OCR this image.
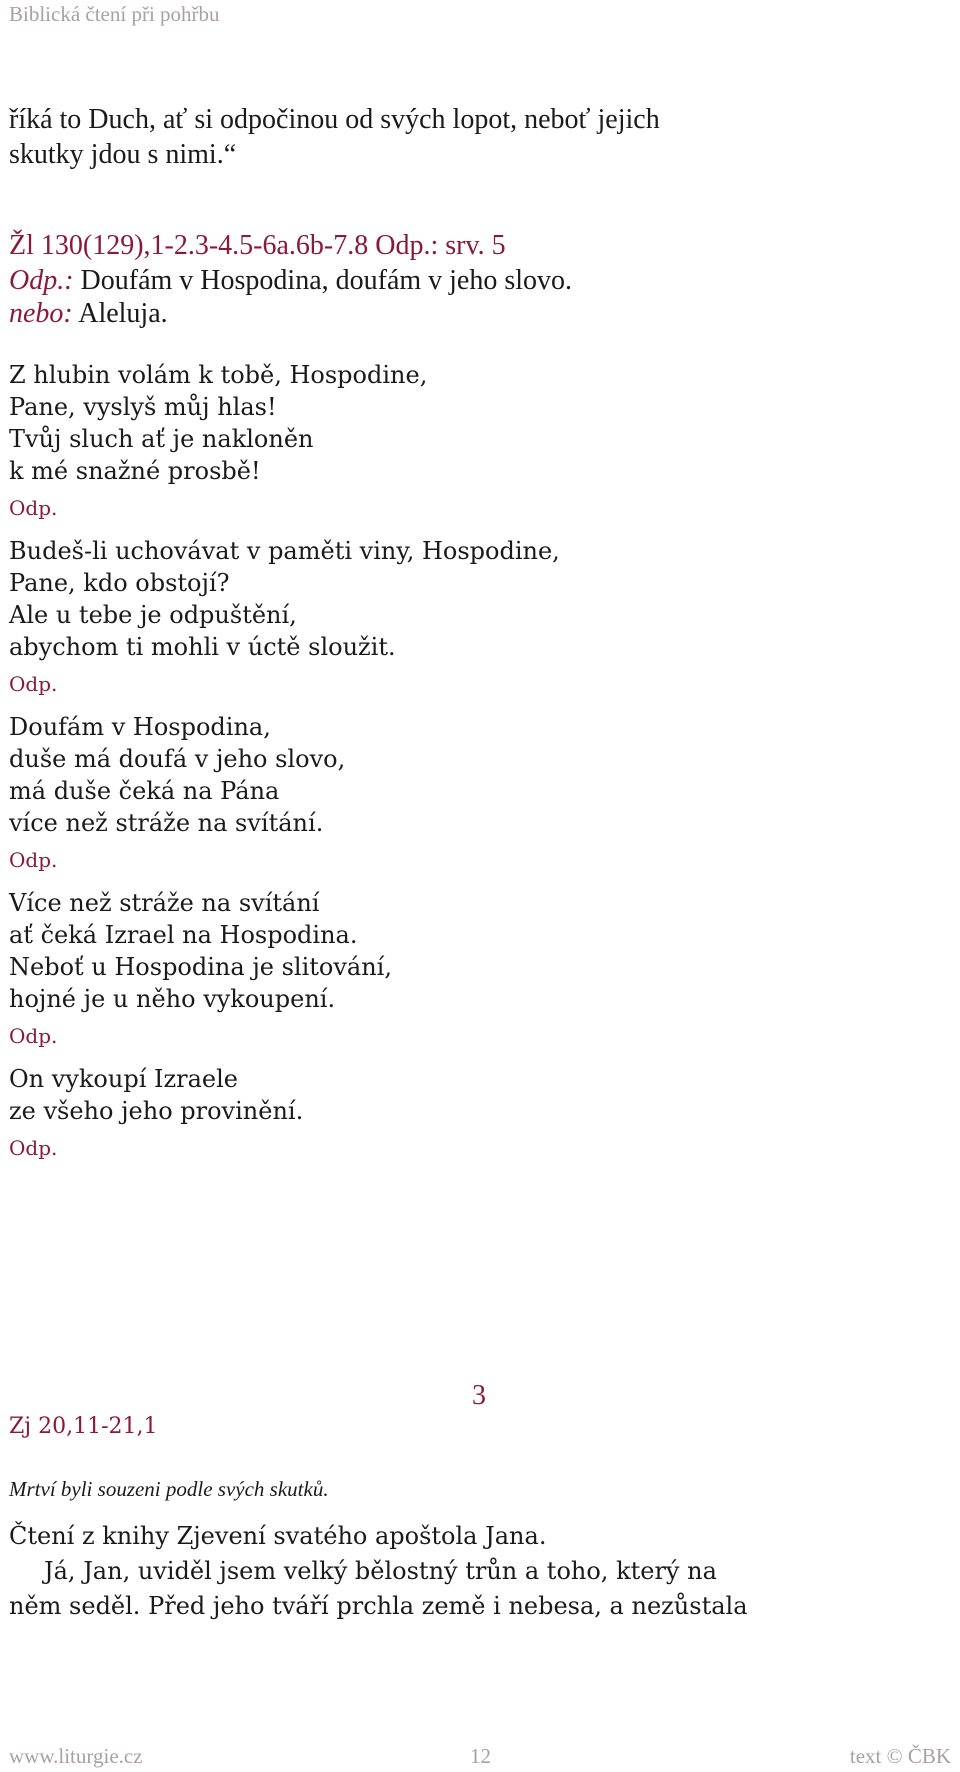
Biblická čtení při pohřbu
říká to Duch, ať si odpočinou od svých lopot, neboť jejich
skutky jdou s nimi.“
Žl 130(129),1-2.3-4.5-6a.6b-7.8 Odp.: srv. 5
Odp.: Doufám v Hospodina, doufám v jeho slovo.
nebo: Aleluja.
Z hlubin volám k tobě, Hospodine,
Pane, vyslyš můj hlas!
Tvůj sluch ať je nakloněn
k mé snažné prosbě!
Odp.
Budeš-li uchovávat v paměti viny, Hospodine,
Pane, kdo obstojí?
Ale u tebe je odpuštění,
abychom ti mohli v úctě sloužit.
Odp.
Doufám v Hospodina,
duše má doufá v jeho slovo,
má duše čeká na Pána
více než stráže na svítání.
Odp.
Více než stráže na svítání
ať čeká Izrael na Hospodina.
Neboť u Hospodina je slitování,
hojné je u něho vykoupení.
Odp.
On vykoupí Izraele
ze všeho jeho provinění.
Odp.
3
Zj 20,11-21,1
Mrtví byli souzeni podle svých skutků.
Čtení z knihy Zjevení svatého apoštola Jana.
Já, Jan, uviděl jsem velký bělostný trůn a toho, který na
něm seděl. Před jeho tváří prchla země i nebesa, a nezůstala
www.liturgie.cz	12	text © ČBK
